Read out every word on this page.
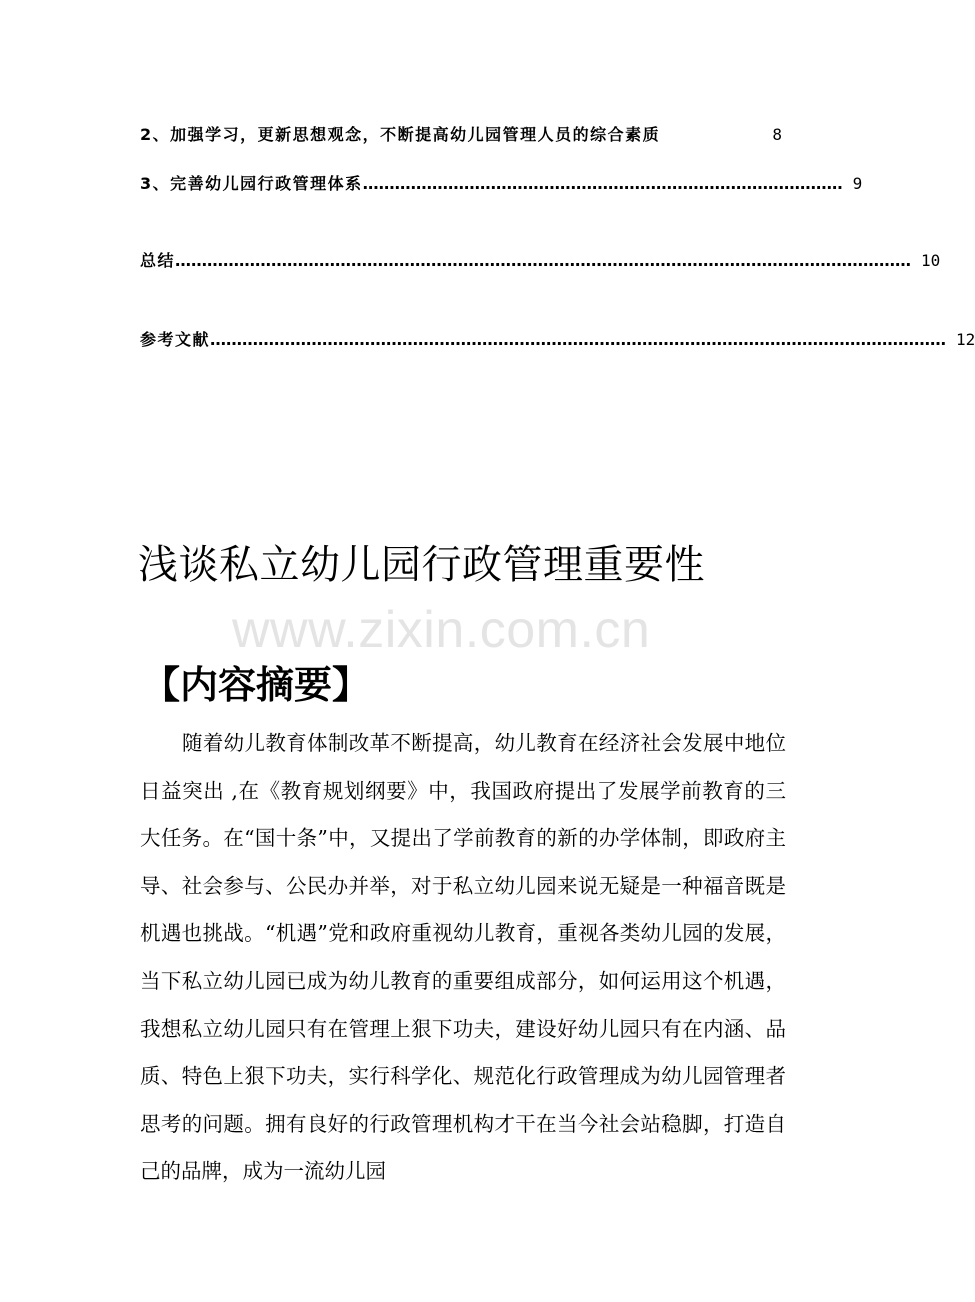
2、加强学习，更新思想观念，不断提高幼儿园管理人员的综合素质	8
3、完善幼儿园行政管理体系 ……………………………………………………………………………… 9
总结 ………………………………………………………………………………………………………………………… 10
参考文献 ………………………………………………………………………………………………………………………… 12
浅谈私立幼儿园行政管理重要性
www.zixin.com.cn
【内容摘要】
随着幼儿教育体制改革不断提高，幼儿教育在经济社会发展中地位日益突出 ,在《教育规划纲要》中，我国政府提出了发展学前教育的三大任务。在“国十条”中，又提出了学前教育的新的办学体制，即政府主导、社会参与、公民办并举，对于私立幼儿园来说无疑是一种福音既是机遇也挑战。“机遇”党和政府重视幼儿教育，重视各类幼儿园的发展，当下私立幼儿园已成为幼儿教育的重要组成部分，如何运用这个机遇，我想私立幼儿园只有在管理上狠下功夫，建设好幼儿园只有在内涵、品质、特色上狠下功夫，实行科学化、规范化行政管理成为幼儿园管理者思考的问题。拥有良好的行政管理机构才干在当今社会站稳脚，打造自己的品牌，成为一流幼儿园
